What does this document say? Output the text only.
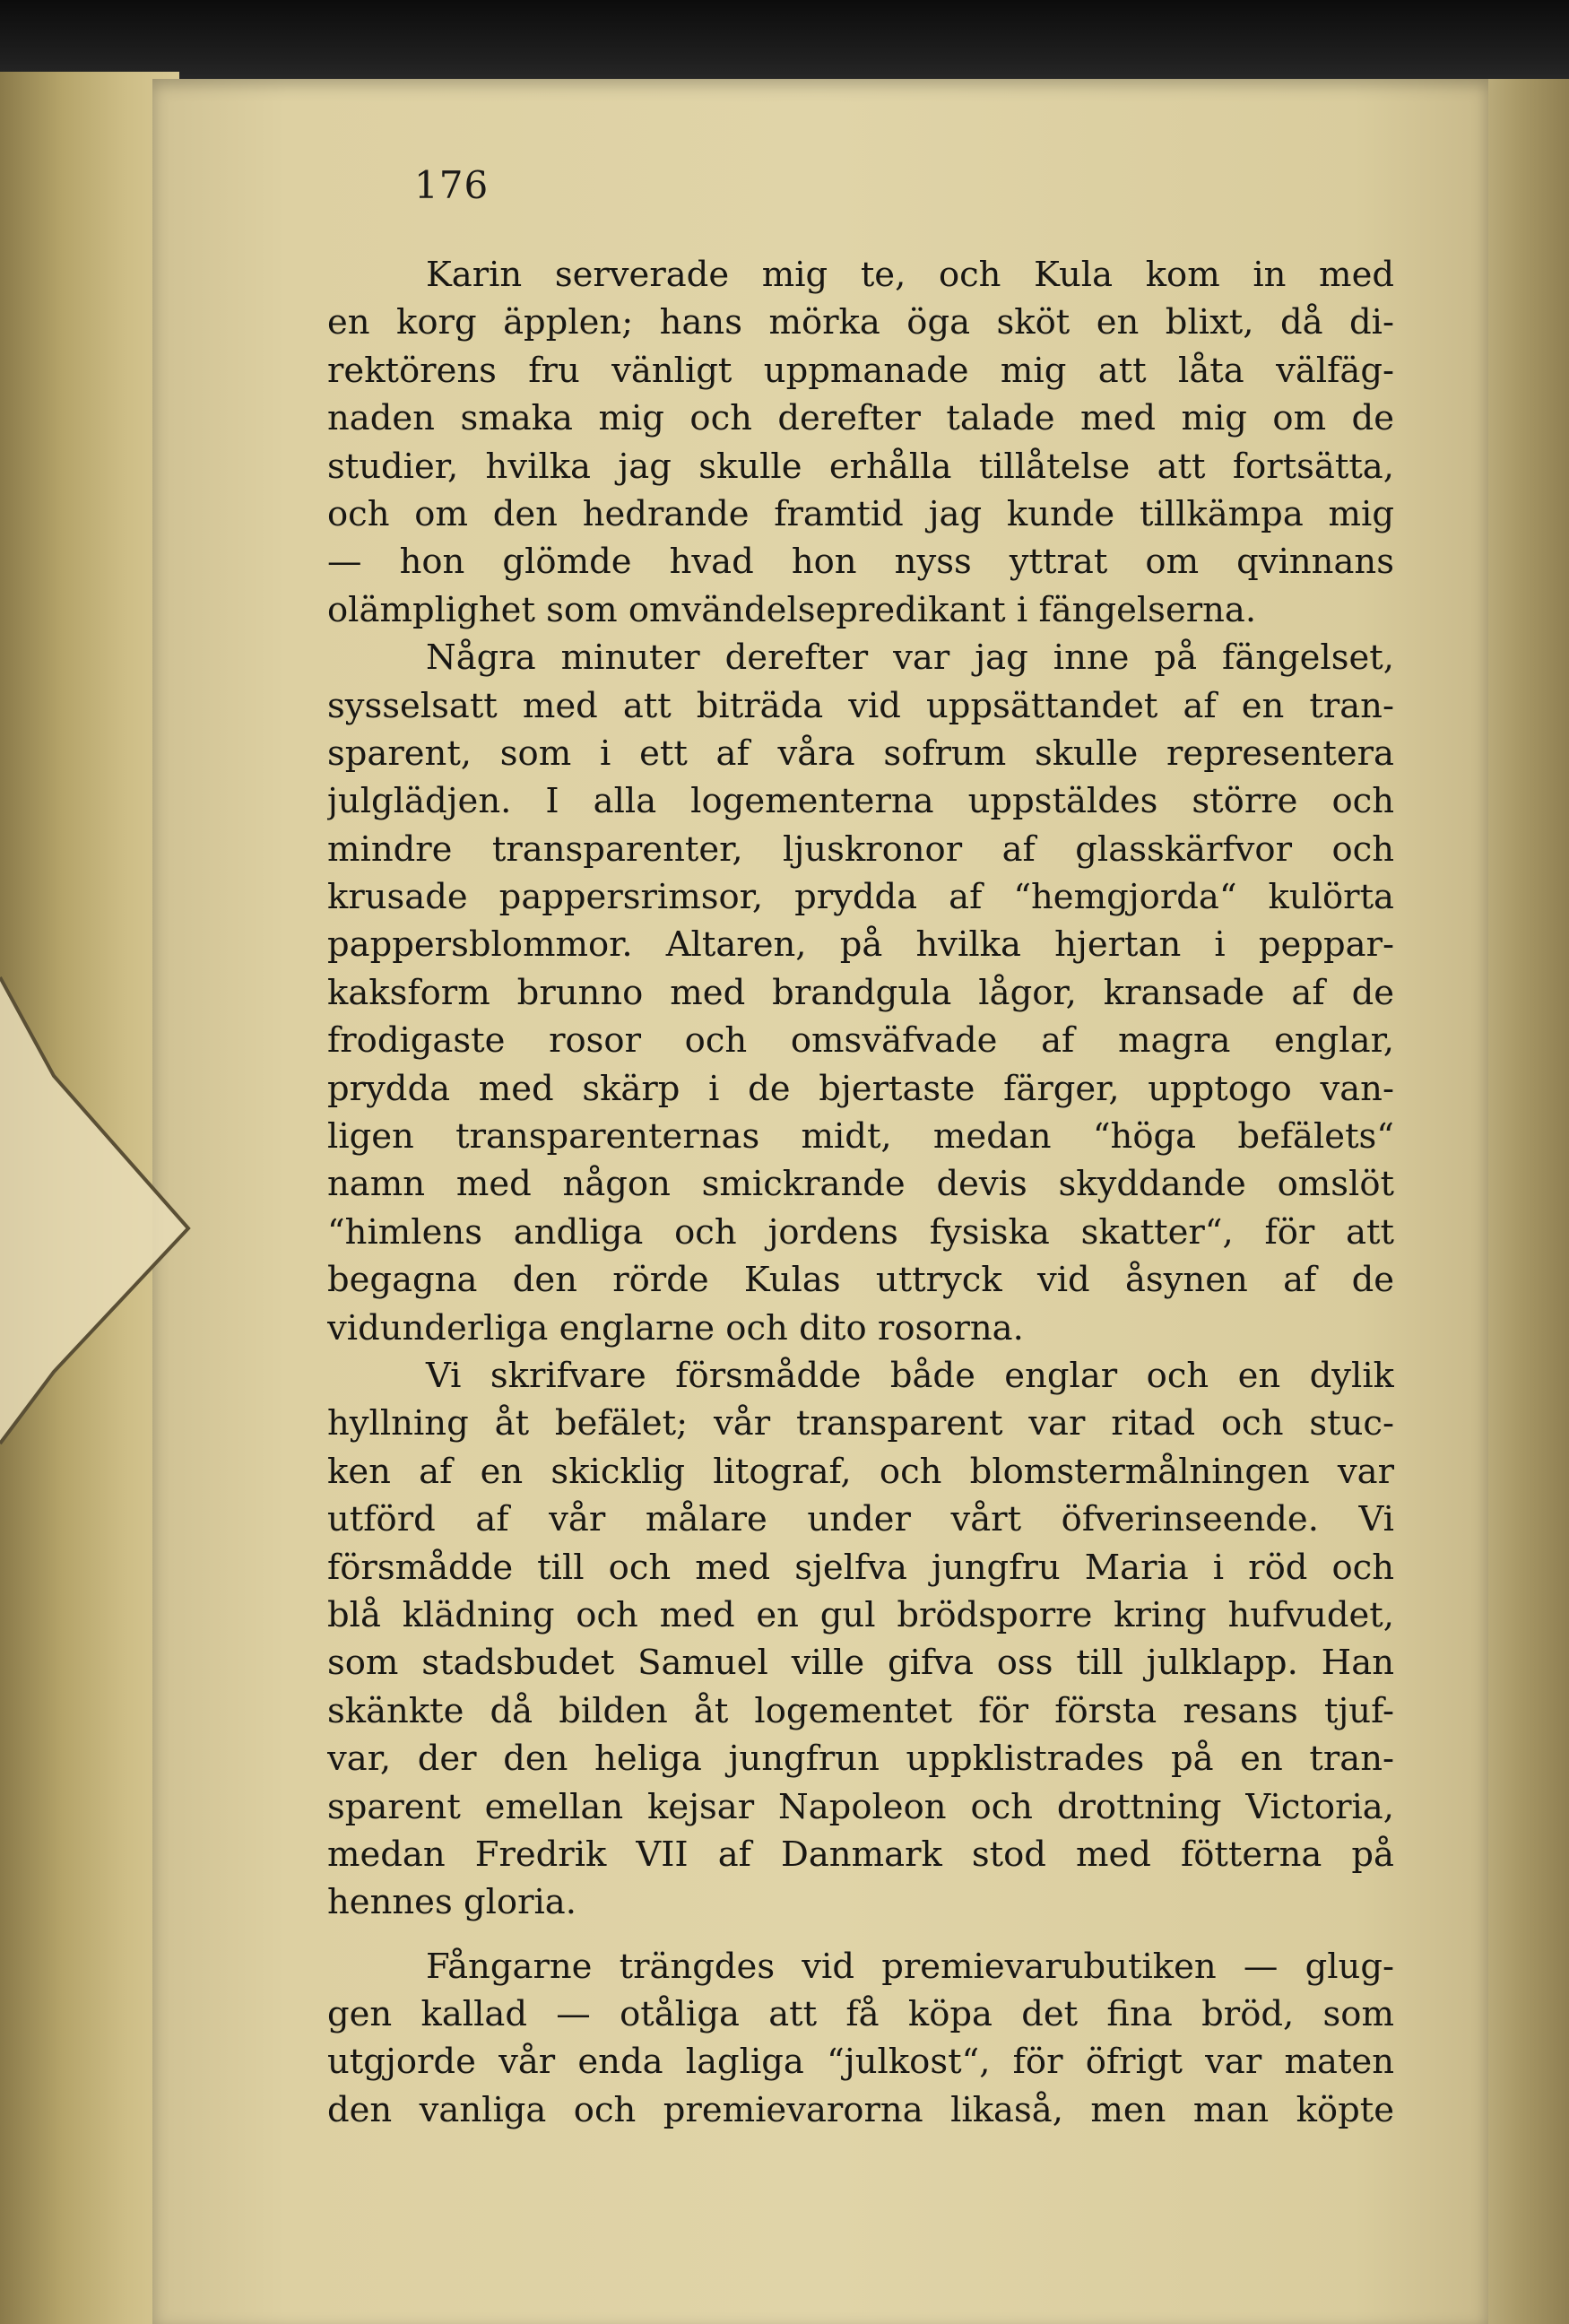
176
Karin serverade mig te, och Kula kom in med
en korg äpplen; hans mörka öga sköt en blixt, då di-
rektörens fru vänligt uppmanade mig att låta välfäg-
naden smaka mig och derefter talade med mig om de
studier, hvilka jag skulle erhålla tillåtelse att fortsätta,
och om den hedrande framtid jag kunde tillkämpa mig
— hon glömde hvad hon nyss yttrat om qvinnans
olämplighet som omvändelsepredikant i fängelserna.
Några minuter derefter var jag inne på fängelset,
sysselsatt med att biträda vid uppsättandet af en tran-
sparent, som i ett af våra sofrum skulle representera
julglädjen. I alla logementerna uppstäldes större och
mindre transparenter, ljuskronor af glasskärfvor och
krusade pappersrimsor, prydda af “hemgjorda“ kulörta
pappersblommor. Altaren, på hvilka hjertan i peppar-
kaksform brunno med brandgula lågor, kransade af de
frodigaste rosor och omsväfvade af magra englar,
prydda med skärp i de bjertaste färger, upptogo van-
ligen transparenternas midt, medan “höga befälets“
namn med någon smickrande devis skyddande omslöt
“himlens andliga och jordens fysiska skatter“, för att
begagna den rörde Kulas uttryck vid åsynen af de
vidunderliga englarne och dito rosorna.
Vi skrifvare försmådde både englar och en dylik
hyllning åt befälet; vår transparent var ritad och stuc-
ken af en skicklig litograf, och blomstermålningen var
utförd af vår målare under vårt öfverinseende. Vi
försmådde till och med sjelfva jungfru Maria i röd och
blå klädning och med en gul brödsporre kring hufvudet,
som stadsbudet Samuel ville gifva oss till julklapp. Han
skänkte då bilden åt logementet för första resans tjuf-
var, der den heliga jungfrun uppklistrades på en tran-
sparent emellan kejsar Napoleon och drottning Victoria,
medan Fredrik VII af Danmark stod med fötterna på
hennes gloria.
Fångarne trängdes vid premievarubutiken — glug-
gen kallad — otåliga att få köpa det fina bröd, som
utgjorde vår enda lagliga “julkost“, för öfrigt var maten
den vanliga och premievarorna likaså, men man köpte
